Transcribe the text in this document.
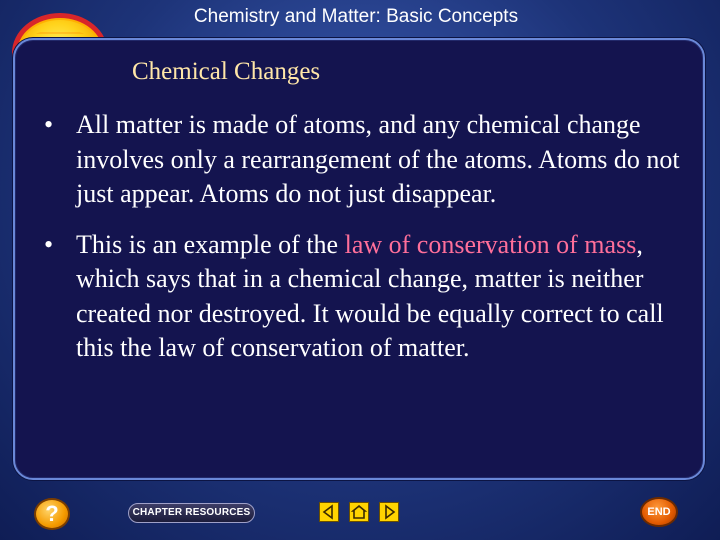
Chemistry and Matter: Basic Concepts
Chemical Changes
• All matter is made of atoms, and any chemical change involves only a rearrangement of the atoms. Atoms do not just appear. Atoms do not just disappear.
• This is an example of the law of conservation of mass, which says that in a chemical change, matter is neither created nor destroyed. It would be equally correct to call this the law of conservation of matter.
?	CHAPTER RESOURCES	END
